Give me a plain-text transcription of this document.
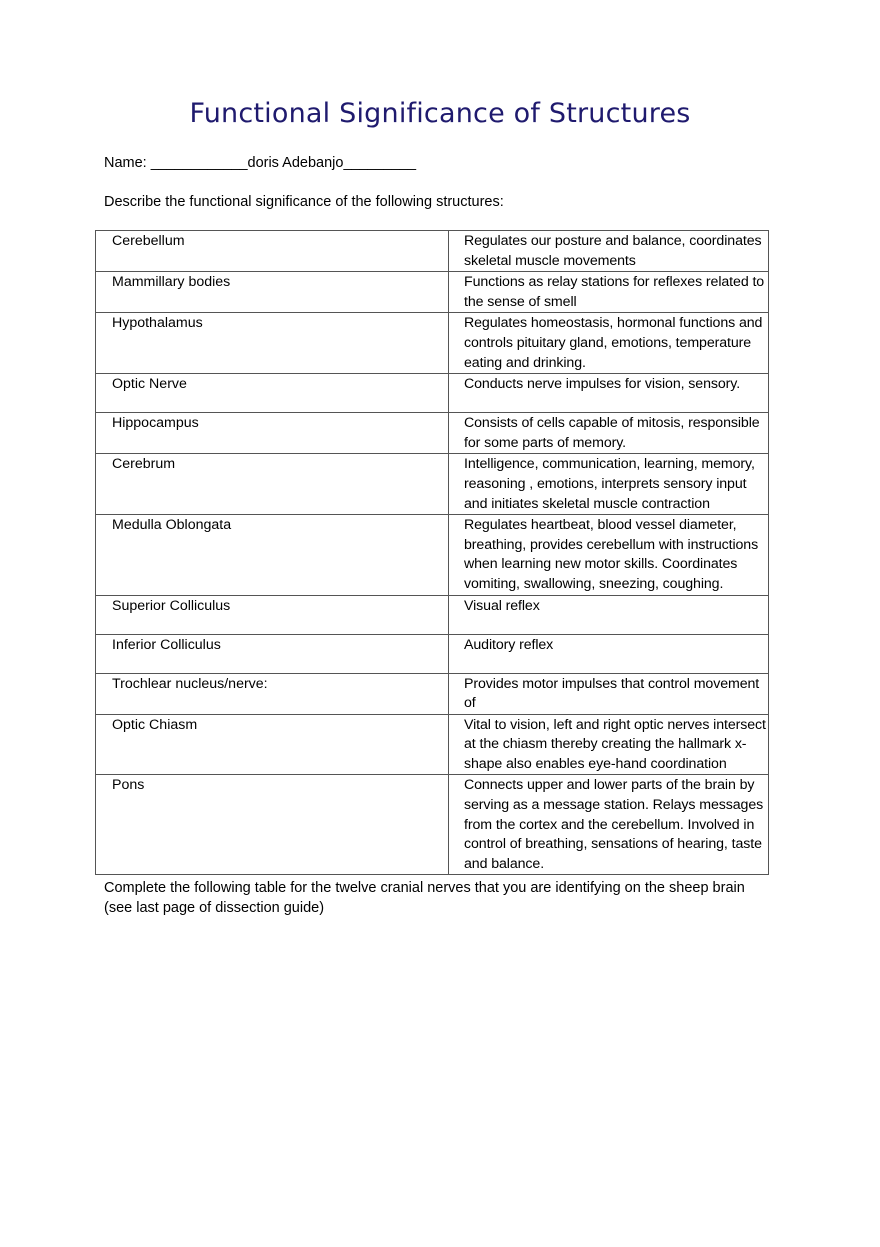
Functional Significance of Structures
Name: ____________doris Adebanjo_________
Describe the functional significance of the following structures:
Cerebellum	Regulates our posture and balance, coordinates skeletal muscle movements

Mammillary bodies	Functions as relay stations for reflexes related to the sense of smell

Hypothalamus	Regulates homeostasis, hormonal functions and controls pituitary gland, emotions, temperature eating and drinking.

Optic Nerve	Conducts nerve impulses for vision, sensory.

Hippocampus	Consists of cells capable of mitosis, responsible for some parts of memory.

Cerebrum	Intelligence, communication, learning, memory, reasoning , emotions, interprets sensory input and initiates skeletal muscle contraction

Medulla Oblongata	Regulates heartbeat, blood vessel diameter, breathing, provides cerebellum with instructions when learning new motor skills. Coordinates vomiting, swallowing, sneezing, coughing.

Superior Colliculus	Visual reflex

Inferior Colliculus	Auditory reflex

Trochlear nucleus/nerve:	Provides motor impulses that control movement of

Optic Chiasm	Vital to vision, left and right optic nerves intersect at the chiasm thereby creating the hallmark x-shape also enables eye-hand coordination

Pons	Connects upper and lower parts of the brain by serving as a message station. Relays messages from the cortex and the cerebellum. Involved in control of breathing, sensations of hearing, taste and balance.

Complete the following table for the twelve cranial nerves that you are identifying on the sheep brain (see last page of dissection guide)
